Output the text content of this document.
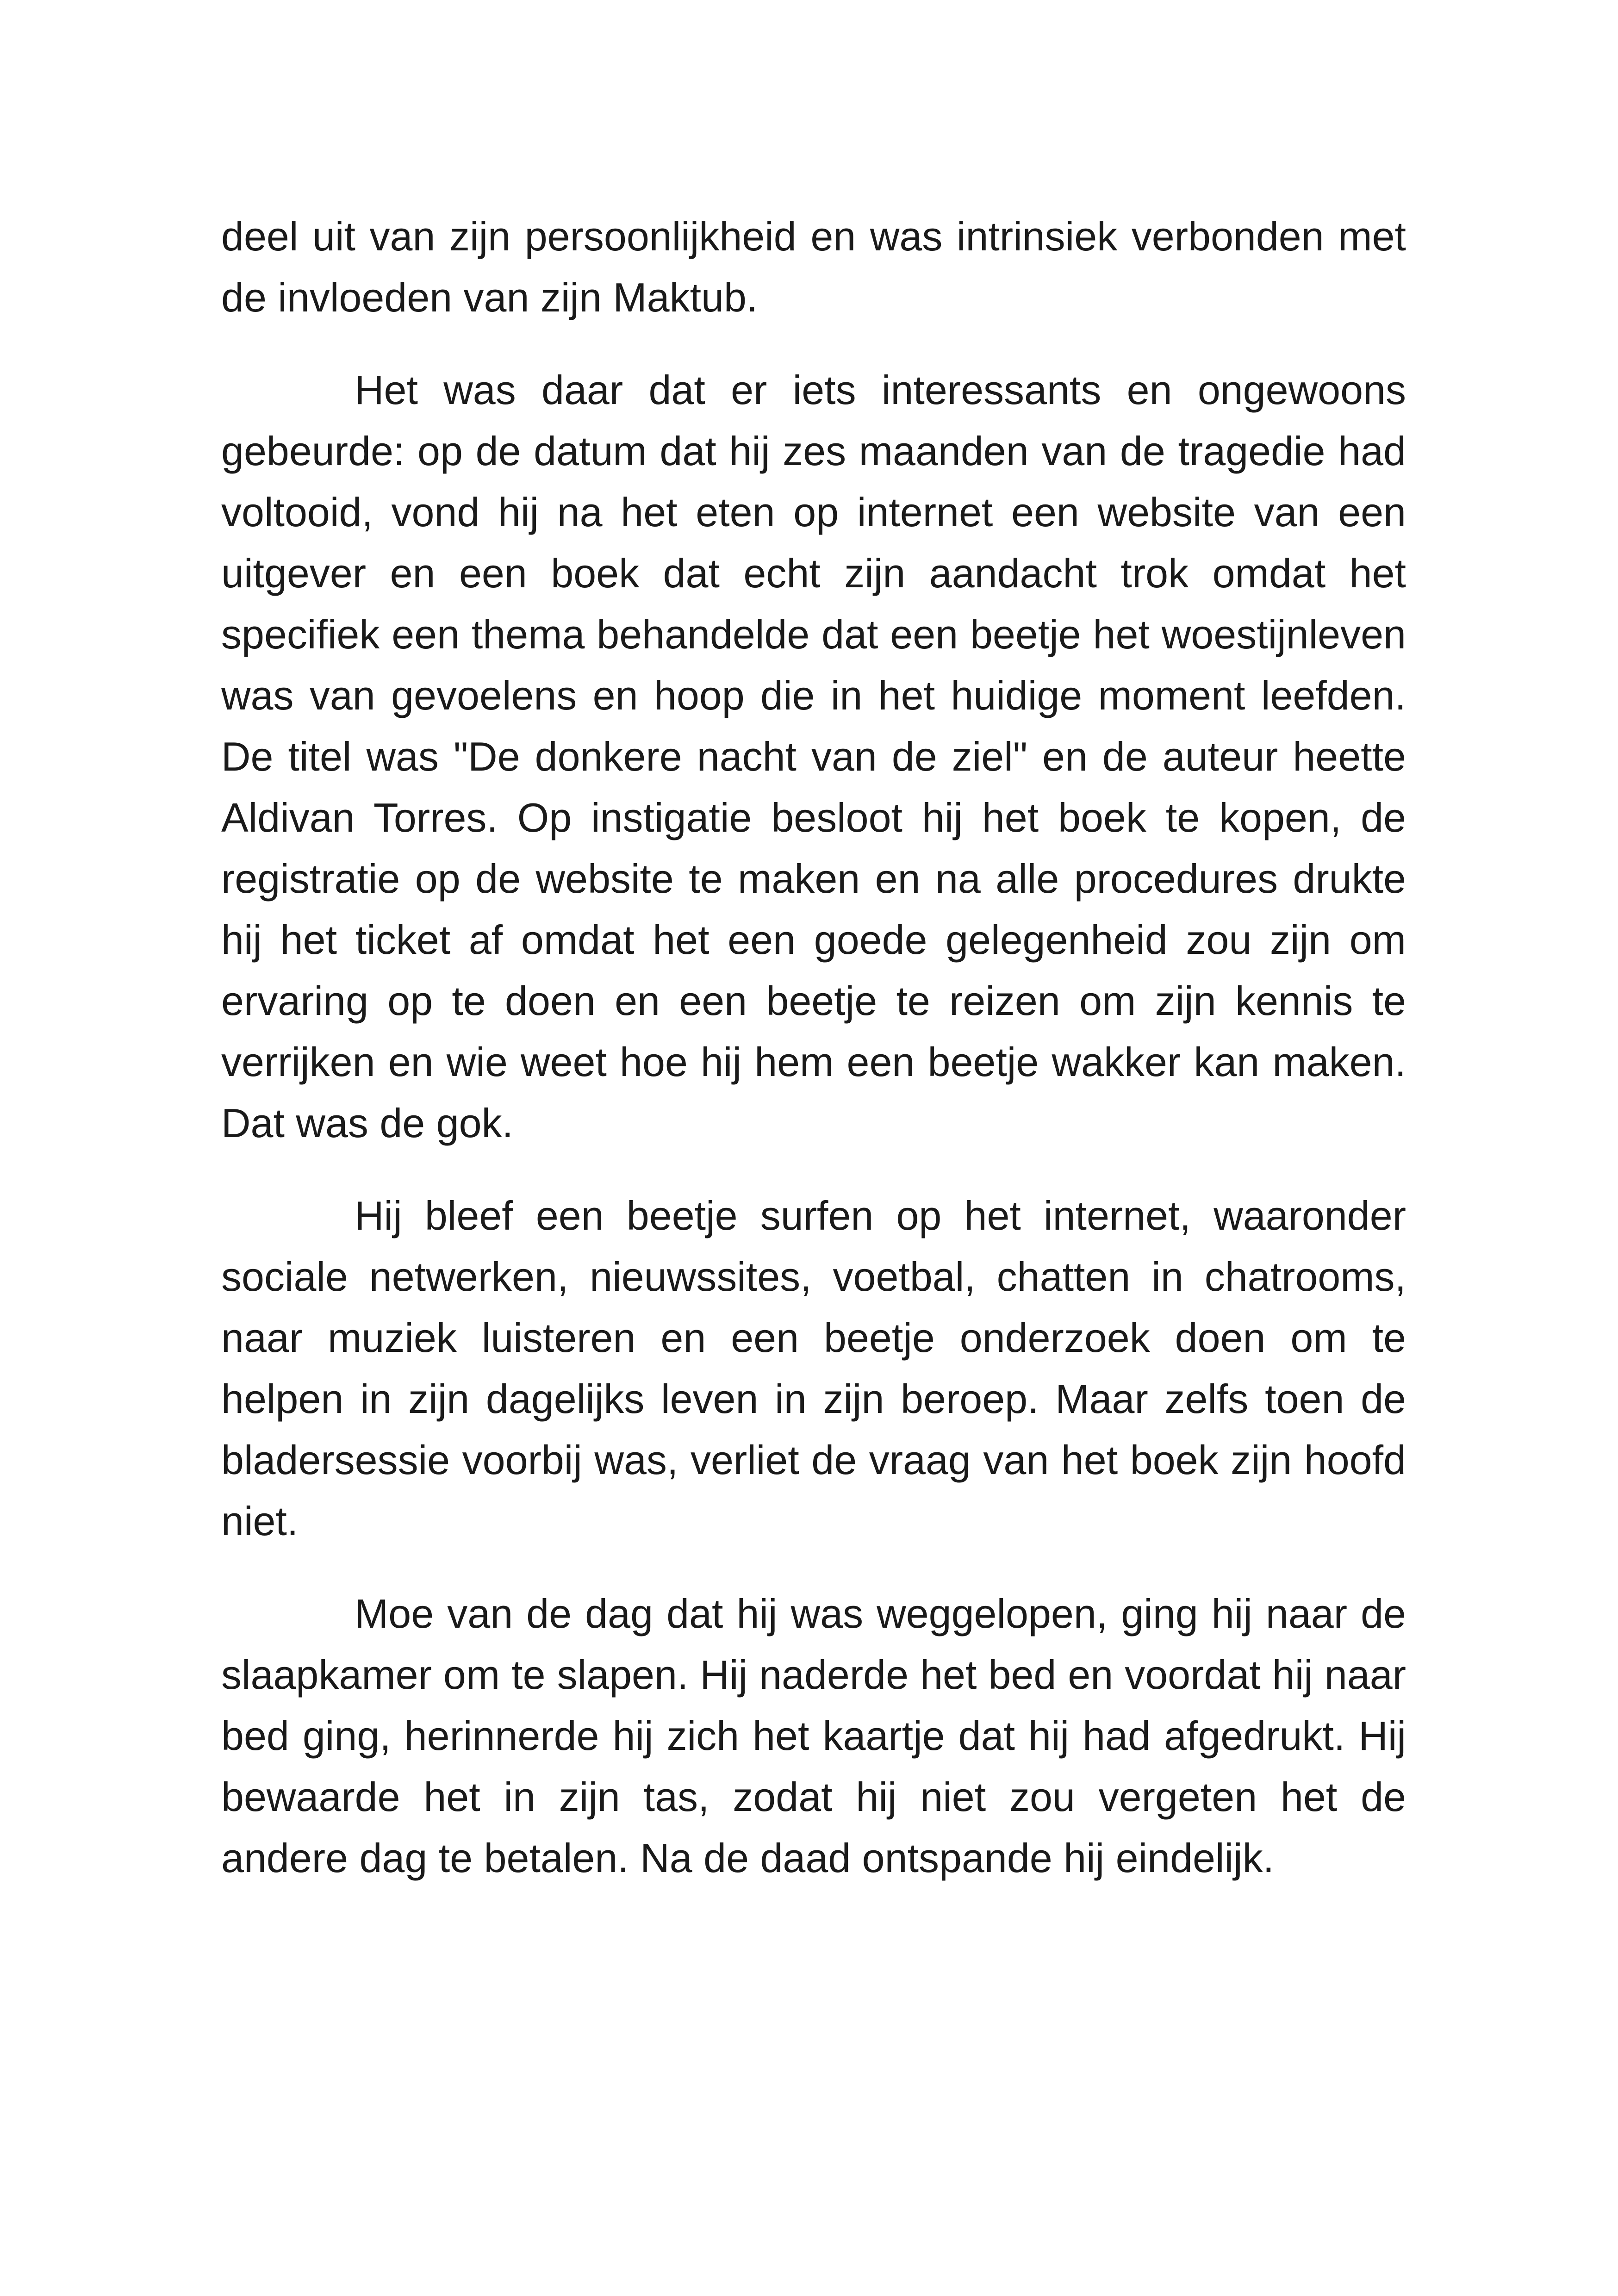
deel uit van zijn persoonlijkheid en was intrinsiek verbonden met de invloeden van zijn Maktub.

Het was daar dat er iets interessants en ongewoons gebeurde: op de datum dat hij zes maanden van de tragedie had voltooid, vond hij na het eten op internet een website van een uitgever en een boek dat echt zijn aandacht trok omdat het specifiek een thema behandelde dat een beetje het woestijnleven was van gevoelens en hoop die in het huidige moment leefden. De titel was "De donkere nacht van de ziel" en de auteur heette Aldivan Torres. Op instigatie besloot hij het boek te kopen, de registratie op de website te maken en na alle procedures drukte hij het ticket af omdat het een goede gelegenheid zou zijn om ervaring op te doen en een beetje te reizen om zijn kennis te verrijken en wie weet hoe hij hem een beetje wakker kan maken. Dat was de gok.

Hij bleef een beetje surfen op het internet, waaronder sociale netwerken, nieuwssites, voetbal, chatten in chatrooms, naar muziek luisteren en een beetje onderzoek doen om te helpen in zijn dagelijks leven in zijn beroep. Maar zelfs toen de bladersessie voorbij was, verliet de vraag van het boek zijn hoofd niet.

Moe van de dag dat hij was weggelopen, ging hij naar de slaapkamer om te slapen. Hij naderde het bed en voordat hij naar bed ging, herinnerde hij zich het kaartje dat hij had afgedrukt. Hij bewaarde het in zijn tas, zodat hij niet zou vergeten het de andere dag te betalen. Na de daad ontspande hij eindelijk.
